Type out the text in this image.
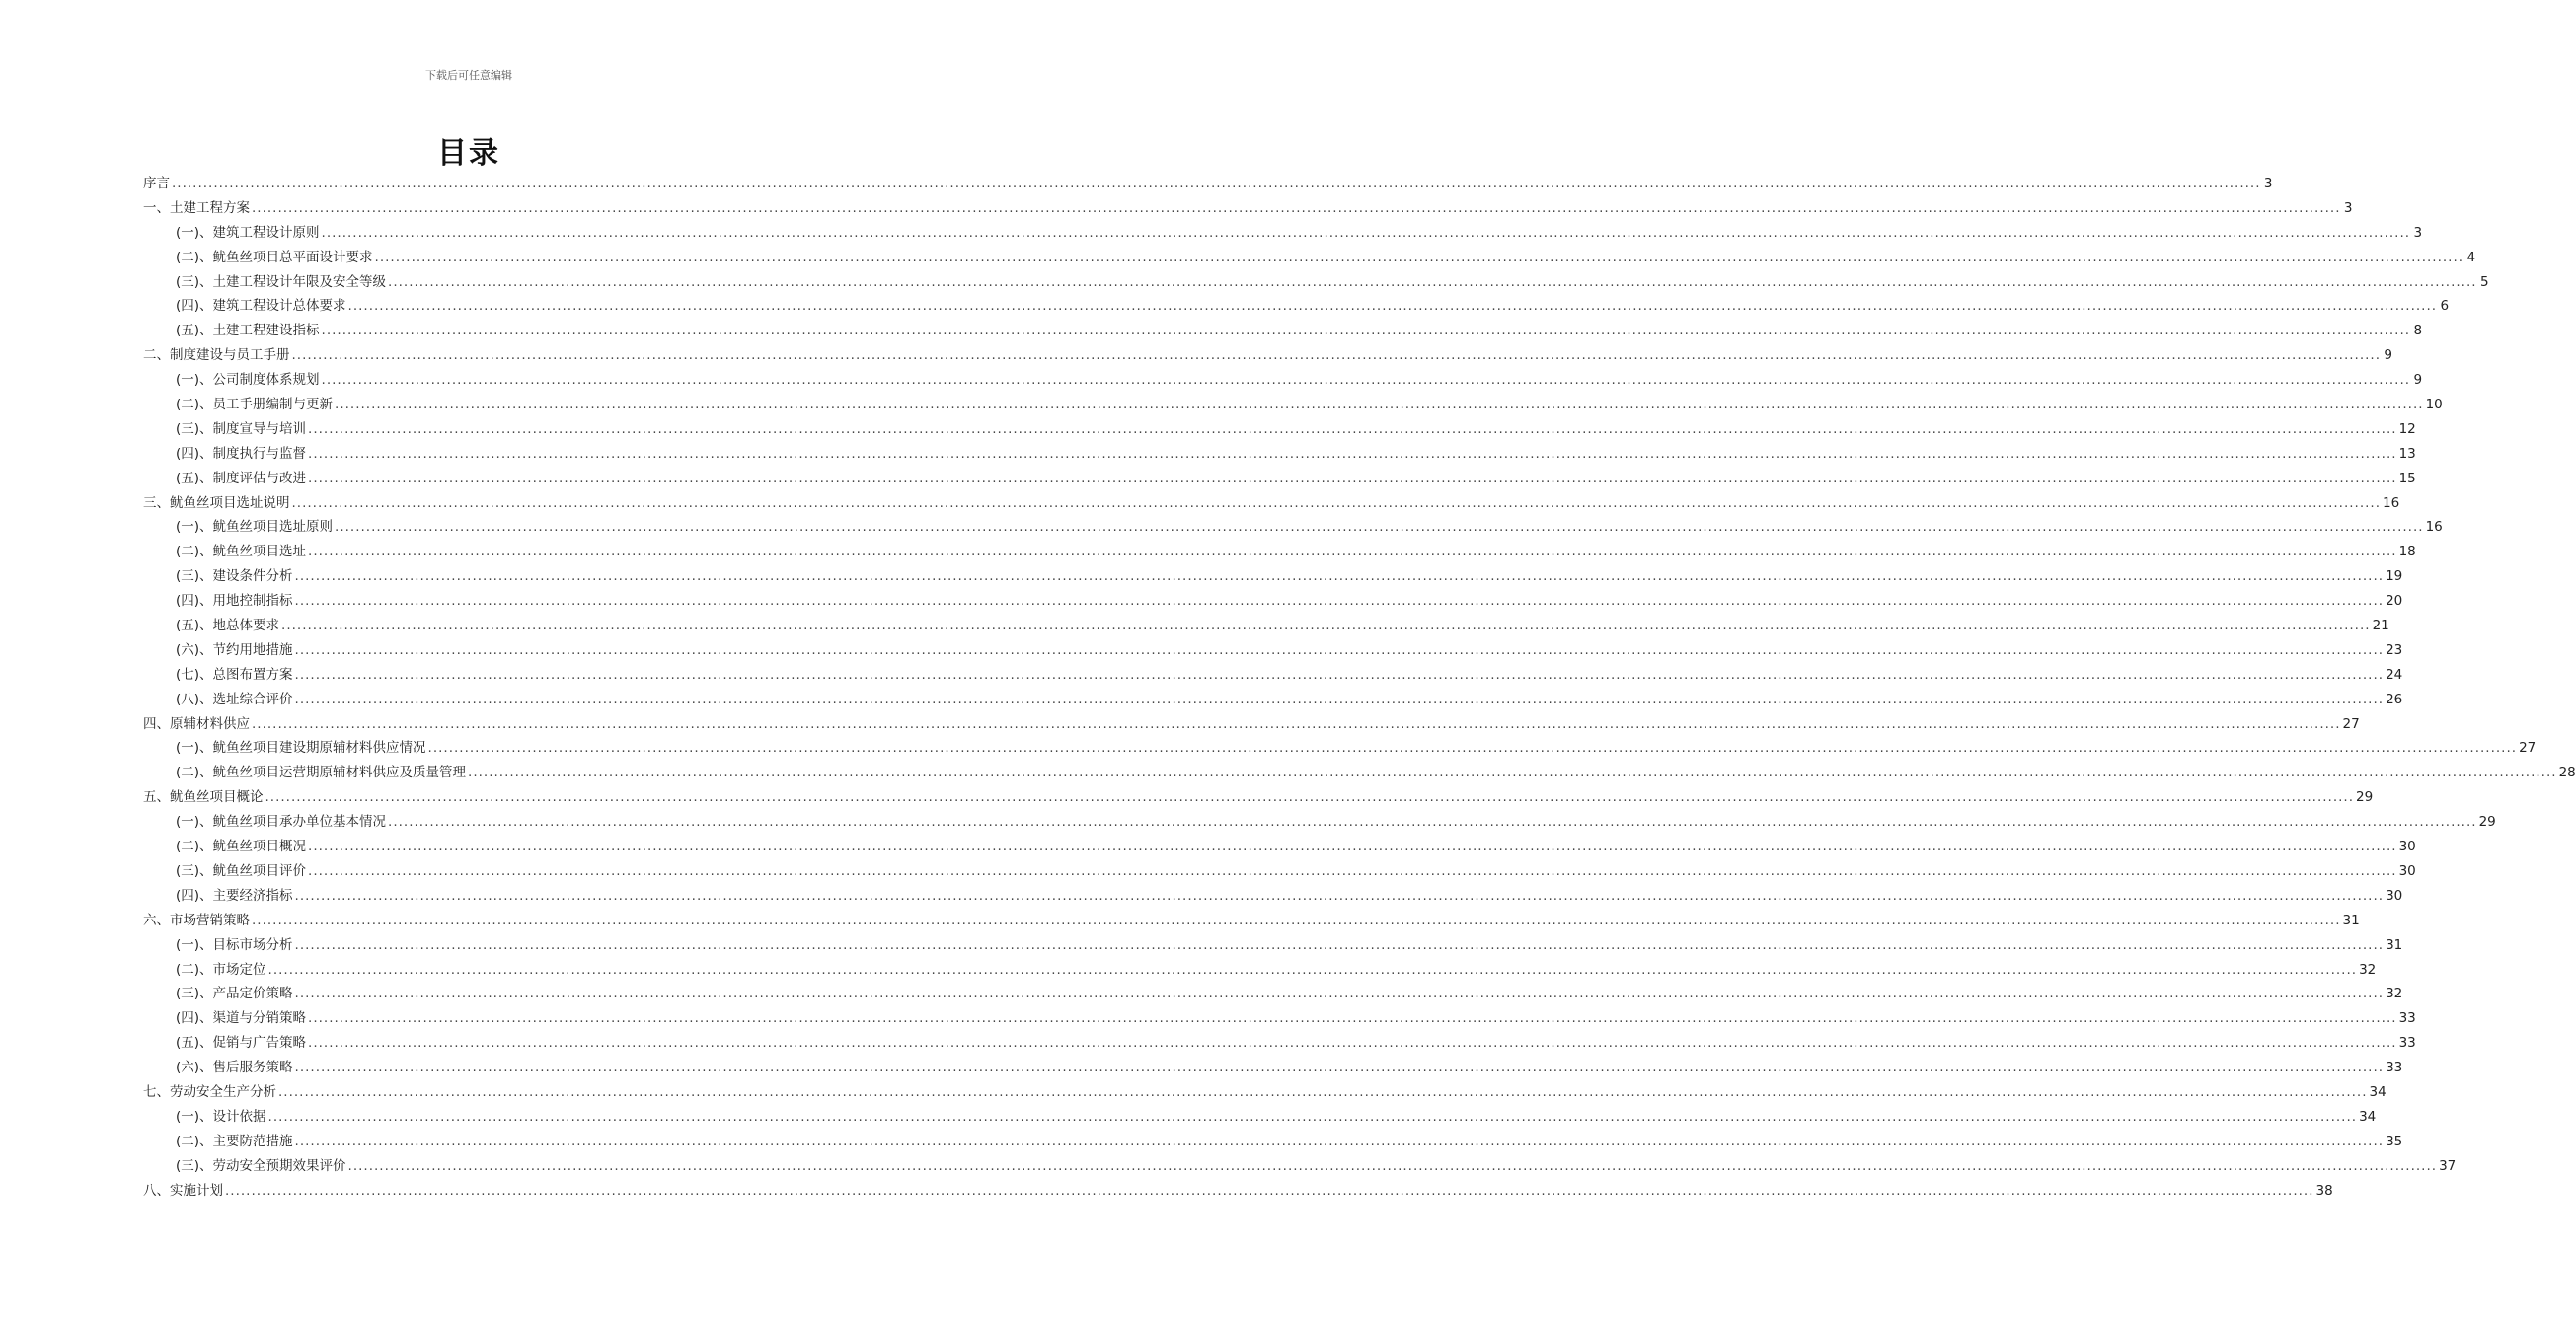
下载后可任意编辑
目录
序言 ................................................................................................................................................................................................................................................................................................................................................................................................................ 3
一、土建工程方案 ................................................................................................................................................................................................................................................................................................................................................................................................................ 3
(一)、建筑工程设计原则 ................................................................................................................................................................................................................................................................................................................................................................................................................ 3
(二)、鱿鱼丝项目总平面设计要求 ................................................................................................................................................................................................................................................................................................................................................................................................................ 4
(三)、土建工程设计年限及安全等级 ................................................................................................................................................................................................................................................................................................................................................................................................................ 5
(四)、建筑工程设计总体要求 ................................................................................................................................................................................................................................................................................................................................................................................................................ 6
(五)、土建工程建设指标 ................................................................................................................................................................................................................................................................................................................................................................................................................ 8
二、制度建设与员工手册 ................................................................................................................................................................................................................................................................................................................................................................................................................ 9
(一)、公司制度体系规划 ................................................................................................................................................................................................................................................................................................................................................................................................................ 9
(二)、员工手册编制与更新 ................................................................................................................................................................................................................................................................................................................................................................................................................ 10
(三)、制度宣导与培训 ................................................................................................................................................................................................................................................................................................................................................................................................................ 12
(四)、制度执行与监督 ................................................................................................................................................................................................................................................................................................................................................................................................................ 13
(五)、制度评估与改进 ................................................................................................................................................................................................................................................................................................................................................................................................................ 15
三、鱿鱼丝项目选址说明 ................................................................................................................................................................................................................................................................................................................................................................................................................ 16
(一)、鱿鱼丝项目选址原则 ................................................................................................................................................................................................................................................................................................................................................................................................................ 16
(二)、鱿鱼丝项目选址 ................................................................................................................................................................................................................................................................................................................................................................................................................ 18
(三)、建设条件分析 ................................................................................................................................................................................................................................................................................................................................................................................................................ 19
(四)、用地控制指标 ................................................................................................................................................................................................................................................................................................................................................................................................................ 20
(五)、地总体要求 ................................................................................................................................................................................................................................................................................................................................................................................................................ 21
(六)、节约用地措施 ................................................................................................................................................................................................................................................................................................................................................................................................................ 23
(七)、总图布置方案 ................................................................................................................................................................................................................................................................................................................................................................................................................ 24
(八)、选址综合评价 ................................................................................................................................................................................................................................................................................................................................................................................................................ 26
四、原辅材料供应 ................................................................................................................................................................................................................................................................................................................................................................................................................ 27
(一)、鱿鱼丝项目建设期原辅材料供应情况 ................................................................................................................................................................................................................................................................................................................................................................................................................ 27
(二)、鱿鱼丝项目运营期原辅材料供应及质量管理 ................................................................................................................................................................................................................................................................................................................................................................................................................ 28
五、鱿鱼丝项目概论 ................................................................................................................................................................................................................................................................................................................................................................................................................ 29
(一)、鱿鱼丝项目承办单位基本情况 ................................................................................................................................................................................................................................................................................................................................................................................................................ 29
(二)、鱿鱼丝项目概况 ................................................................................................................................................................................................................................................................................................................................................................................................................ 30
(三)、鱿鱼丝项目评价 ................................................................................................................................................................................................................................................................................................................................................................................................................ 30
(四)、主要经济指标 ................................................................................................................................................................................................................................................................................................................................................................................................................ 30
六、市场营销策略 ................................................................................................................................................................................................................................................................................................................................................................................................................ 31
(一)、目标市场分析 ................................................................................................................................................................................................................................................................................................................................................................................................................ 31
(二)、市场定位 ................................................................................................................................................................................................................................................................................................................................................................................................................ 32
(三)、产品定价策略 ................................................................................................................................................................................................................................................................................................................................................................................................................ 32
(四)、渠道与分销策略 ................................................................................................................................................................................................................................................................................................................................................................................................................ 33
(五)、促销与广告策略 ................................................................................................................................................................................................................................................................................................................................................................................................................ 33
(六)、售后服务策略 ................................................................................................................................................................................................................................................................................................................................................................................................................ 33
七、劳动安全生产分析 ................................................................................................................................................................................................................................................................................................................................................................................................................ 34
(一)、设计依据 ................................................................................................................................................................................................................................................................................................................................................................................................................ 34
(二)、主要防范措施 ................................................................................................................................................................................................................................................................................................................................................................................................................ 35
(三)、劳动安全预期效果评价 ................................................................................................................................................................................................................................................................................................................................................................................................................ 37
八、实施计划 ................................................................................................................................................................................................................................................................................................................................................................................................................ 38
